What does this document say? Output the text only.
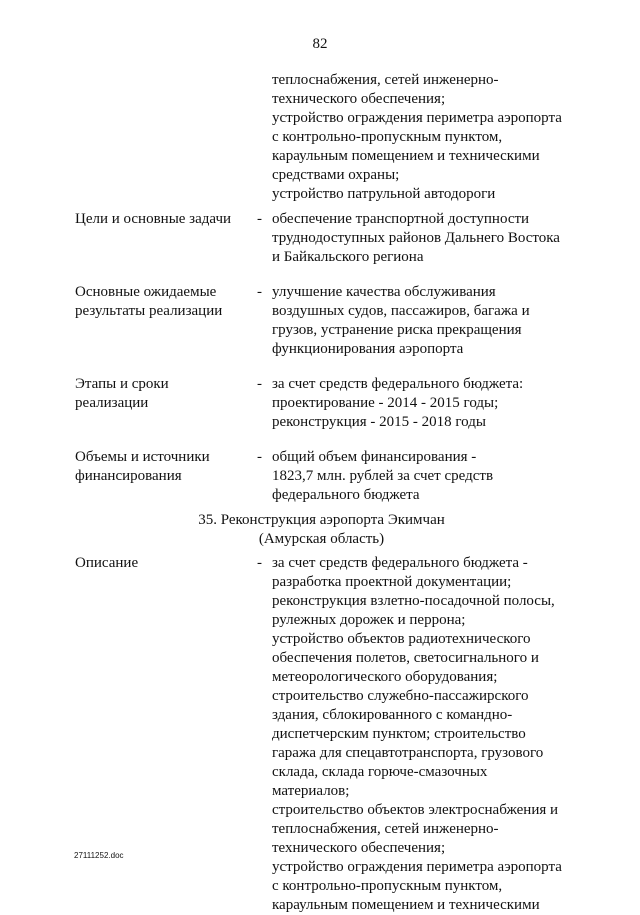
82
теплоснабжения, сетей инженерно-
технического обеспечения;
устройство ограждения периметра аэропорта
с контрольно-пропускным пунктом,
караульным помещением и техническими
средствами охраны;
устройство патрульной автодороги
Цели и основные задачи	- обеспечение транспортной доступности
труднодоступных районов Дальнего Востока
и Байкальского региона
Основные ожидаемые
результаты реализации
- улучшение качества обслуживания
воздушных судов, пассажиров, багажа и
грузов, устранение риска прекращения
функционирования аэропорта
Этапы и сроки
реализации
- за счет средств федерального бюджета:
проектирование - 2014 - 2015 годы;
реконструкция - 2015 - 2018 годы
Объемы и источники
финансирования
- общий объем финансирования -
1823,7 млн. рублей за счет средств
федерального бюджета
35. Реконструкция аэропорта Экимчан
(Амурская область)
Описание	- за счет средств федерального бюджета -
разработка проектной документации;
реконструкция взлетно-посадочной полосы,
рулежных дорожек и перрона;
устройство объектов радиотехнического
обеспечения полетов, светосигнального и
метеорологического оборудования;
строительство служебно-пассажирского
здания, сблокированного с командно-
диспетчерским пунктом; строительство
гаража для спецавтотранспорта, грузового
склада, склада горюче-смазочных
материалов;
строительство объектов электроснабжения и
теплоснабжения, сетей инженерно-
технического обеспечения;
устройство ограждения периметра аэропорта
с контрольно-пропускным пунктом,
караульным помещением и техническими
27111252.doc
